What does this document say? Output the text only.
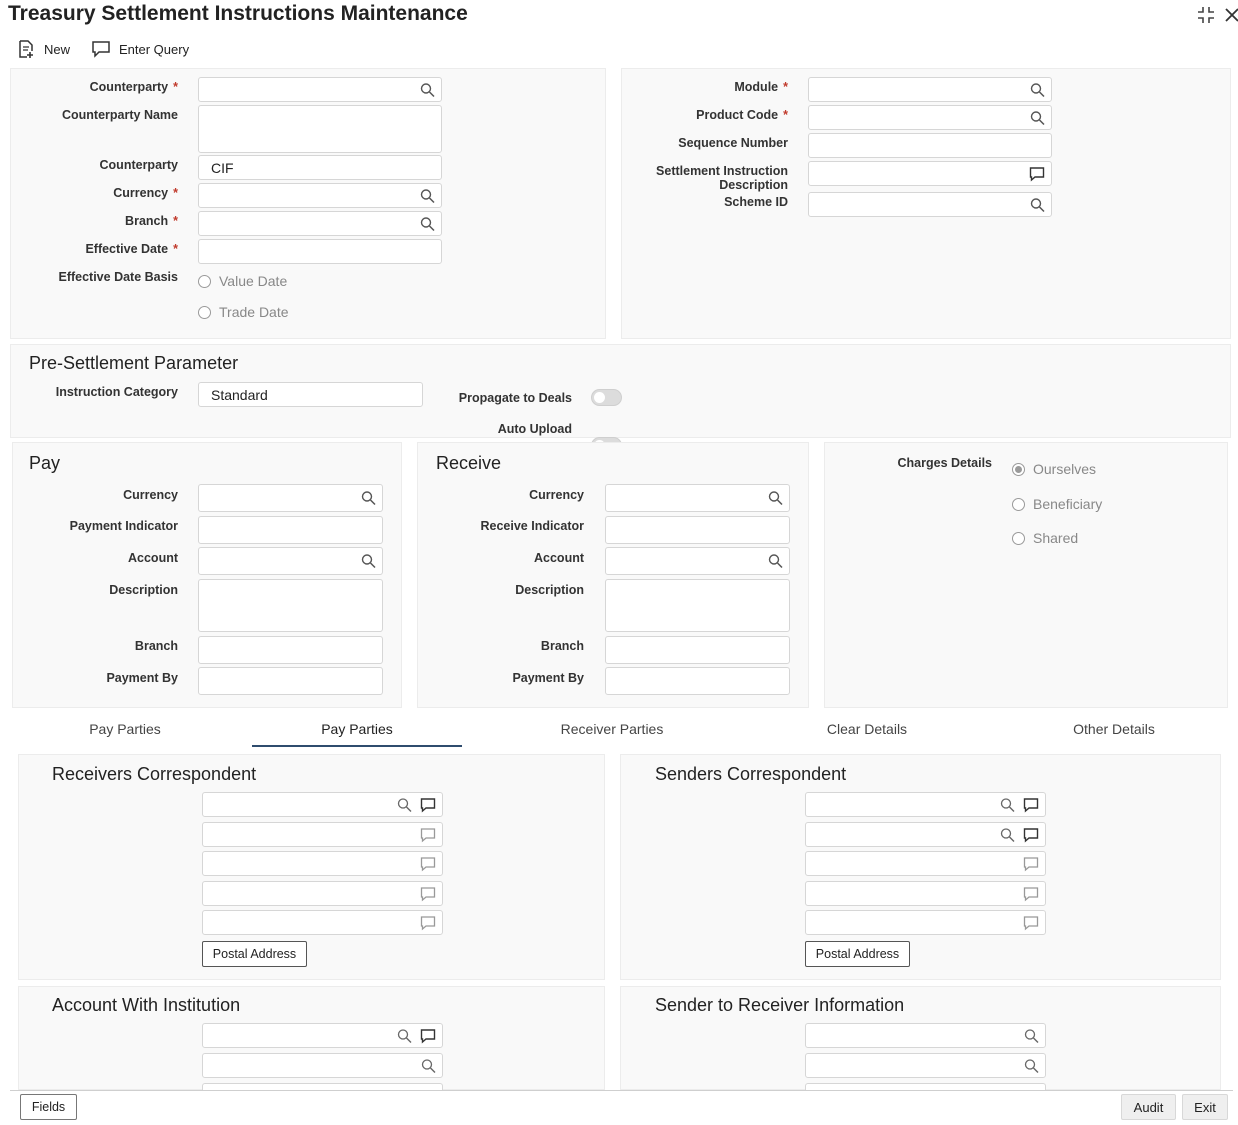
Treasury Settlement Instructions Maintenance
New	Enter Query
Counterparty *
Counterparty Name
Counterparty CIF
Currency *
Branch *
Effective Date *
Effective Date Basis	Value Date
Trade Date
Module *
Product Code *
Sequence Number
Settlement Instruction
Description
Scheme ID
Pre-Settlement Parameter
Instruction Category Standard	Propagate to Deals
Auto Upload
Pay
Currency
Payment Indicator
Account
Description
Branch
Payment By
Receive
Currency
Receive Indicator
Account
Description
Branch
Payment By
Charges Details	Ourselves
Beneficiary
Shared
Pay Parties	Pay Parties	Receiver Parties	Clear Details	Other Details
Receivers Correspondent
Postal Address
Senders Correspondent
Postal Address
Account With Institution	Sender to Receiver Information
Fields	Audit	Exit
